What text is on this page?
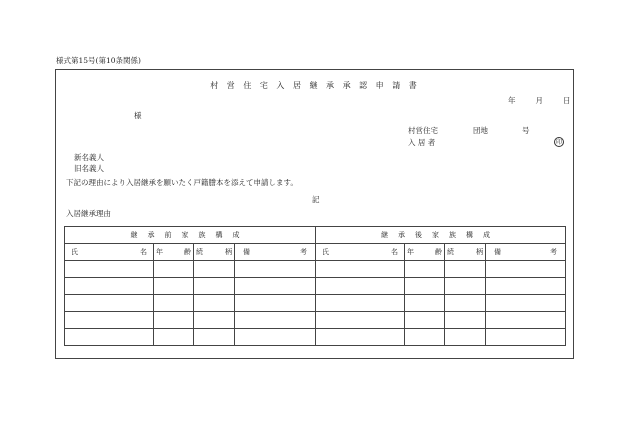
様式第15号(第10条関係)
村 営 住 宅 入 居 継 承 承 認 申 請 書
年	月	日
様
村営住宅	団地	号
入 居 者	印
新名義人
旧名義人
下記の理由により入居継承を願いたく戸籍謄本を添えて申請します。
記
入居継承理由
継承前家族構成				継承後家族構成			

氏 名	年 齢	続 柄	備 考	氏 名	年 齢	続 柄	備 考
